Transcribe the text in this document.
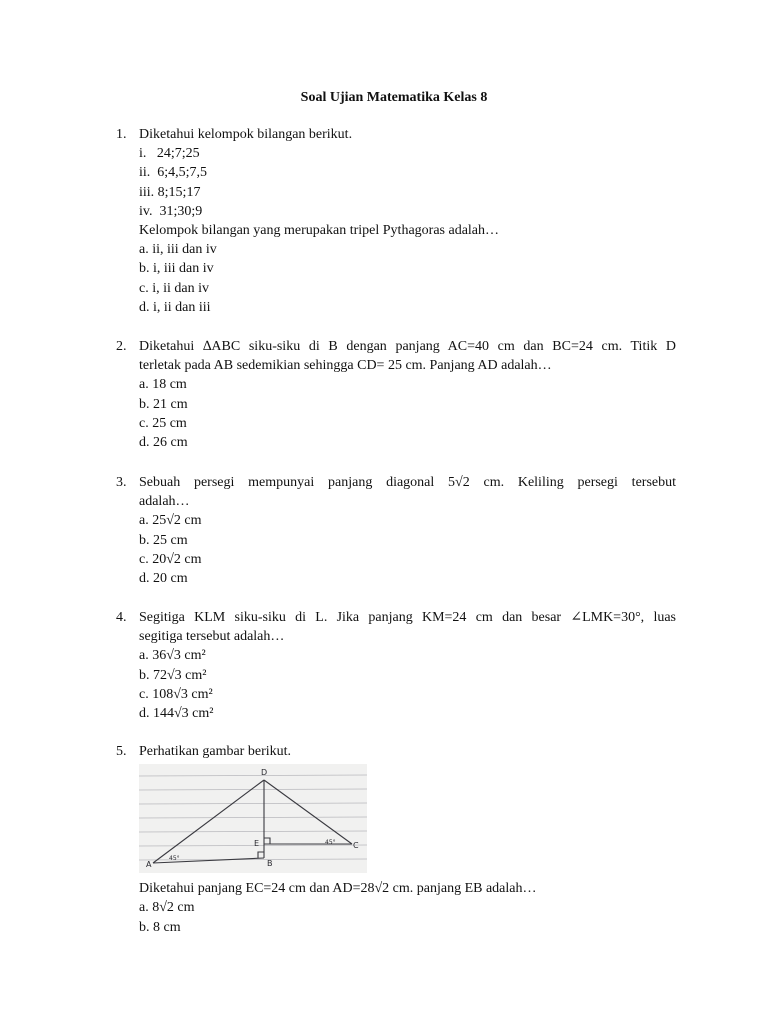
Soal Ujian Matematika Kelas 8
1. Diketahui kelompok bilangan berikut.
i.   24;7;25
ii.  6;4,5;7,5
iii. 8;15;17
iv.  31;30;9
Kelompok bilangan yang merupakan tripel Pythagoras adalah…
a. ii, iii dan iv
b. i, iii dan iv
c. i, ii dan iv
d. i, ii dan iii
2. Diketahui ∆ABC siku-siku di B dengan panjang AC=40 cm dan BC=24 cm. Titik D
terletak pada AB sedemikian sehingga CD= 25 cm. Panjang AD adalah…
a. 18 cm
b. 21 cm
c. 25 cm
d. 26 cm
3. Sebuah persegi mempunyai panjang diagonal 5√2 cm. Keliling persegi tersebut
adalah…
a. 25√2 cm
b. 25 cm
c. 20√2 cm
d. 20 cm
4. Segitiga KLM siku-siku di L. Jika panjang KM=24 cm dan besar ∠LMK=30°, luas
segitiga tersebut adalah…
a. 36√3 cm²
b. 72√3 cm²
c. 108√3 cm²
d. 144√3 cm²
5. Perhatikan gambar berikut.
D
A	B
C
E
45°
45°
Diketahui panjang EC=24 cm dan AD=28√2 cm. panjang EB adalah…
a. 8√2 cm
b. 8 cm
